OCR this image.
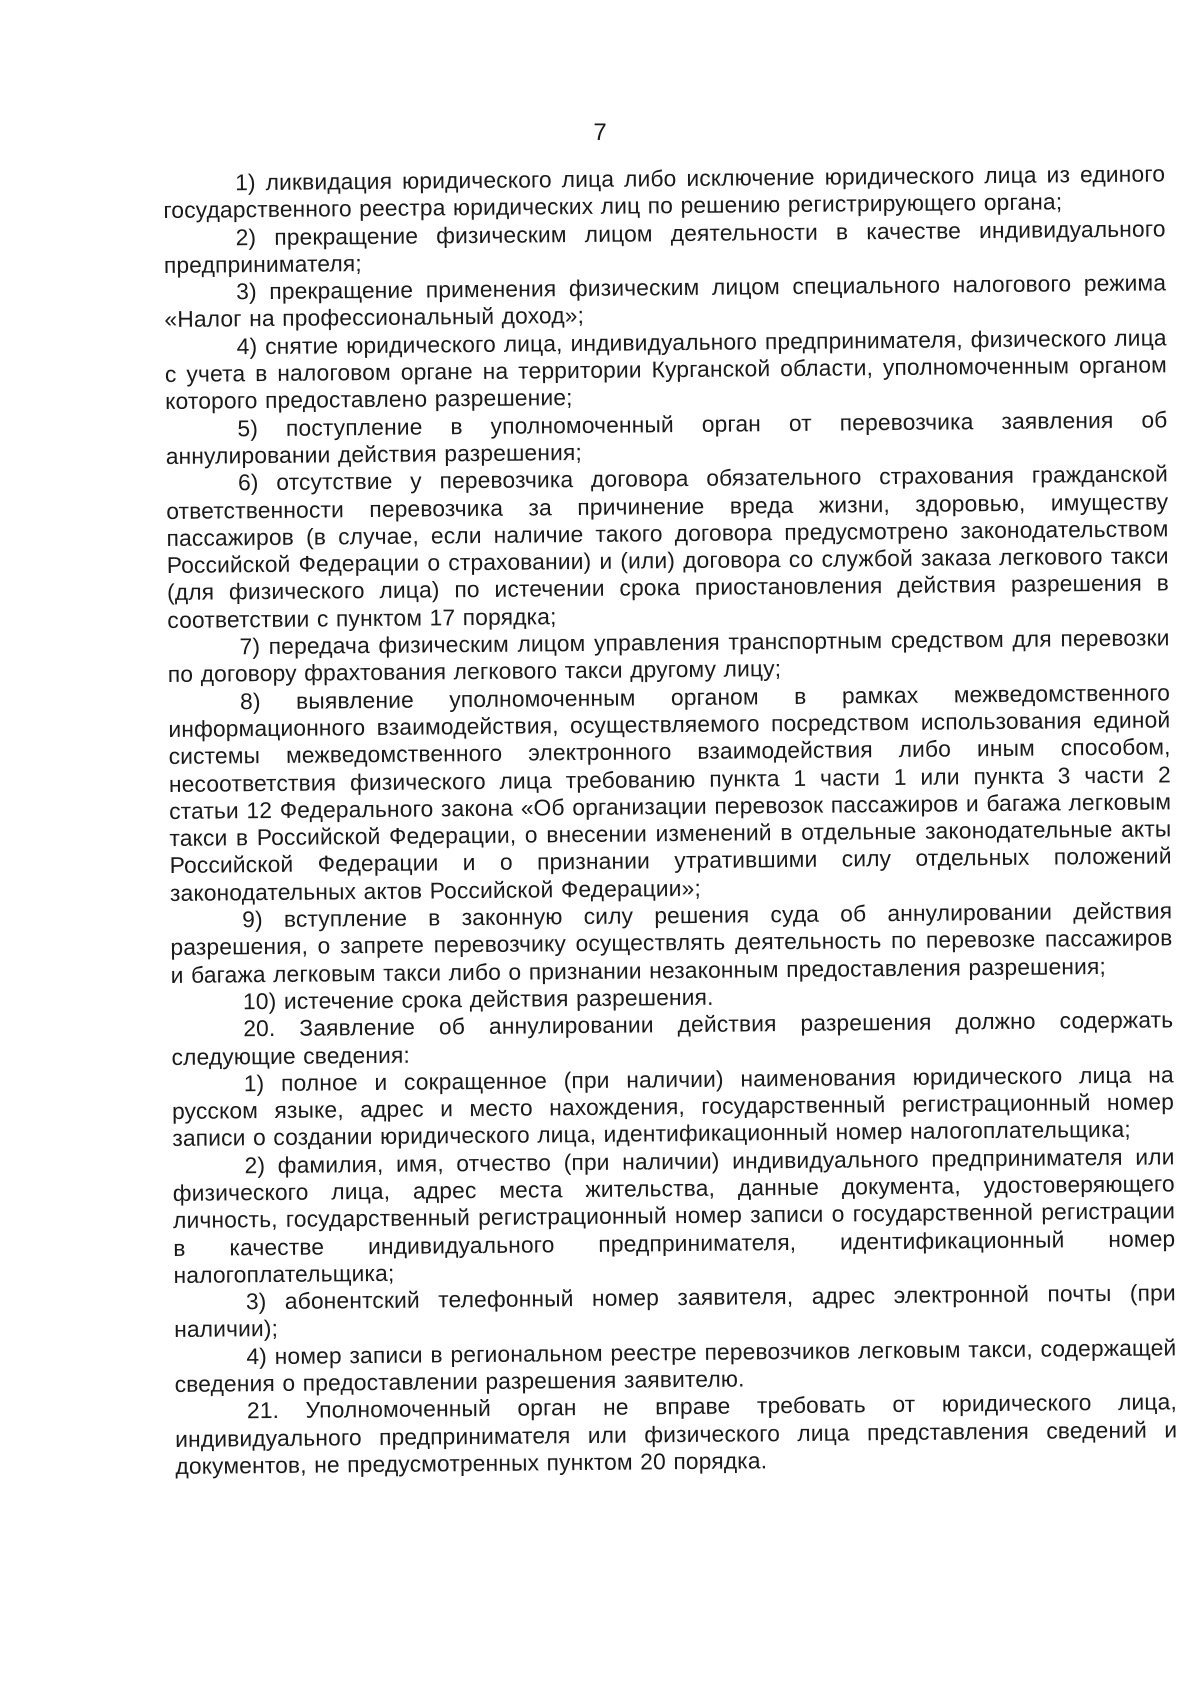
7

1) ликвидация юридического лица либо исключение юридического лица из единого государственного реестра юридических лиц по решению регистрирующего органа;

2) прекращение физическим лицом деятельности в качестве индивидуального предпринимателя;

3) прекращение применения физическим лицом специального налогового режима «Налог на профессиональный доход»;

4) снятие юридического лица, индивидуального предпринимателя, физического лица с учета в налоговом органе на территории Курганской области, уполномоченным органом которого предоставлено разрешение;

5) поступление в уполномоченный орган от перевозчика заявления об аннулировании действия разрешения;

6) отсутствие у перевозчика договора обязательного страхования гражданской ответственности перевозчика за причинение вреда жизни, здоровью, имуществу пассажиров (в случае, если наличие такого договора предусмотрено законодательством Российской Федерации о страховании) и (или) договора со службой заказа легкового такси (для физического лица) по истечении срока приостановления действия разрешения в соответствии с пунктом 17 порядка;

7) передача физическим лицом управления транспортным средством для перевозки по договору фрахтования легкового такси другому лицу;

8) выявление уполномоченным органом в рамках межведомственного информационного взаимодействия, осуществляемого посредством использования единой системы межведомственного электронного взаимодействия либо иным способом, несоответствия физического лица требованию пункта 1 части 1 или пункта 3 части 2 статьи 12 Федерального закона «Об организации перевозок пассажиров и багажа легковым такси в Российской Федерации, о внесении изменений в отдельные законодательные акты Российской Федерации и о признании утратившими силу отдельных положений законодательных актов Российской Федерации»;

9) вступление в законную силу решения суда об аннулировании действия разрешения, о запрете перевозчику осуществлять деятельность по перевозке пассажиров и багажа легковым такси либо о признании незаконным предоставления разрешения;

10) истечение срока действия разрешения.

20. Заявление об аннулировании действия разрешения должно содержать следующие сведения:

1) полное и сокращенное (при наличии) наименования юридического лица на русском языке, адрес и место нахождения, государственный регистрационный номер записи о создании юридического лица, идентификационный номер налогоплательщика;

2) фамилия, имя, отчество (при наличии) индивидуального предпринимателя или физического лица, адрес места жительства, данные документа, удостоверяющего личность, государственный регистрационный номер записи о государственной регистрации в качестве индивидуального предпринимателя, идентификационный номер налогоплательщика;

3) абонентский телефонный номер заявителя, адрес электронной почты (при наличии);

4) номер записи в региональном реестре перевозчиков легковым такси, содержащей сведения о предоставлении разрешения заявителю.

21. Уполномоченный орган не вправе требовать от юридического лица, индивидуального предпринимателя или физического лица представления сведений и документов, не предусмотренных пунктом 20 порядка.
